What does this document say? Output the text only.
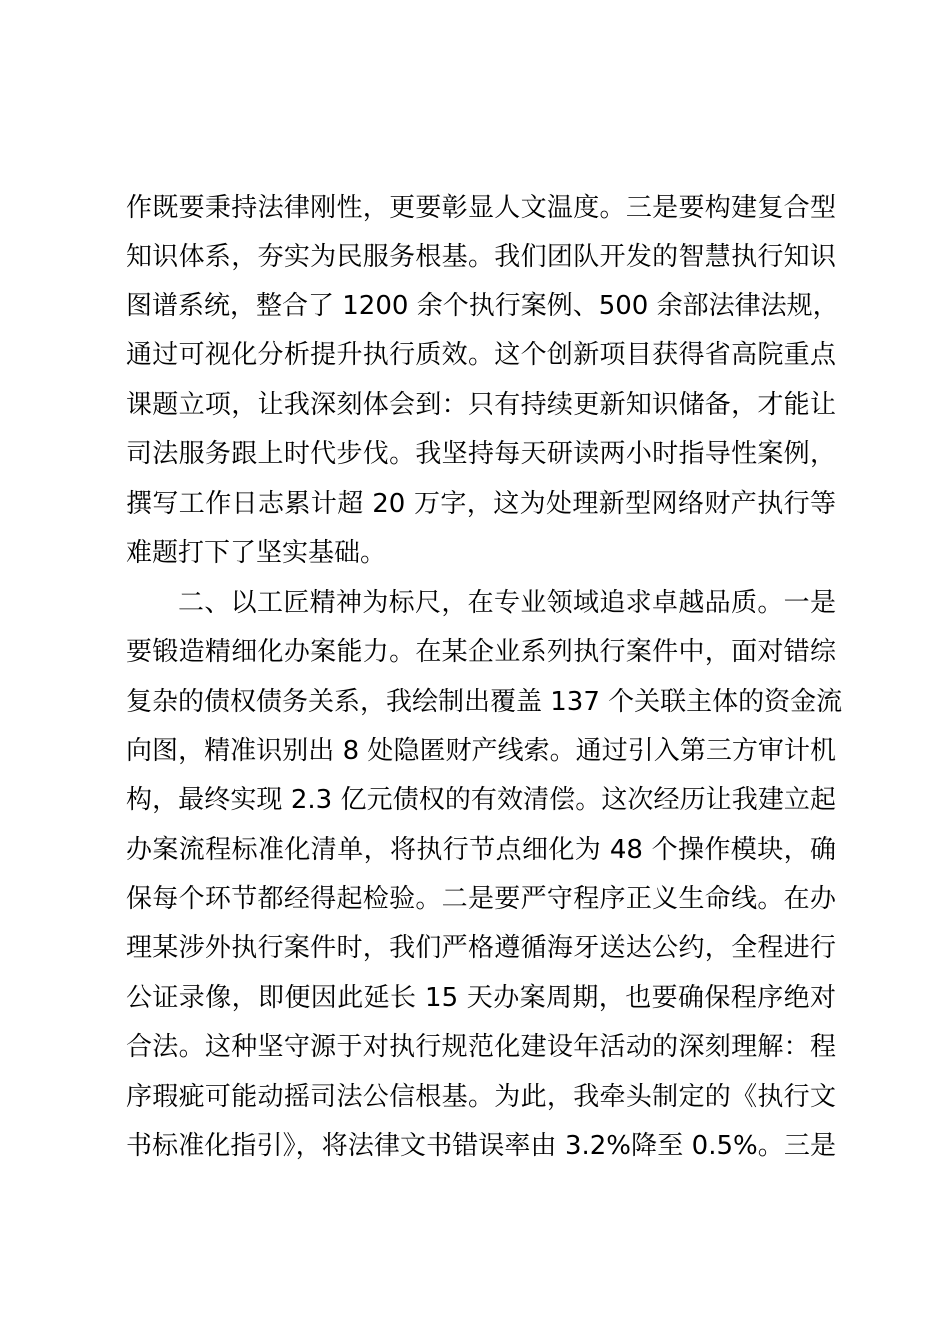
作既要秉持法律刚性，更要彰显人文温度。三是要构建复合型
知识体系，夯实为民服务根基。我们团队开发的智慧执行知识
图谱系统，整合了 1200 余个执行案例、500 余部法律法规，
通过可视化分析提升执行质效。这个创新项目获得省高院重点
课题立项，让我深刻体会到：只有持续更新知识储备，才能让
司法服务跟上时代步伐。我坚持每天研读两小时指导性案例，
撰写工作日志累计超 20 万字，这为处理新型网络财产执行等
难题打下了坚实基础。
二、以工匠精神为标尺，在专业领域追求卓越品质。一是
要锻造精细化办案能力。在某企业系列执行案件中，面对错综
复杂的债权债务关系，我绘制出覆盖 137 个关联主体的资金流
向图，精准识别出 8 处隐匿财产线索。通过引入第三方审计机
构，最终实现 2.3 亿元债权的有效清偿。这次经历让我建立起
办案流程标准化清单，将执行节点细化为 48 个操作模块，确
保每个环节都经得起检验。二是要严守程序正义生命线。在办
理某涉外执行案件时，我们严格遵循海牙送达公约，全程进行
公证录像，即便因此延长 15 天办案周期，也要确保程序绝对
合法。这种坚守源于对执行规范化建设年活动的深刻理解：程
序瑕疵可能动摇司法公信根基。为此，我牵头制定的《执行文
书标准化指引》，将法律文书错误率由 3.2%降至 0.5%。三是
